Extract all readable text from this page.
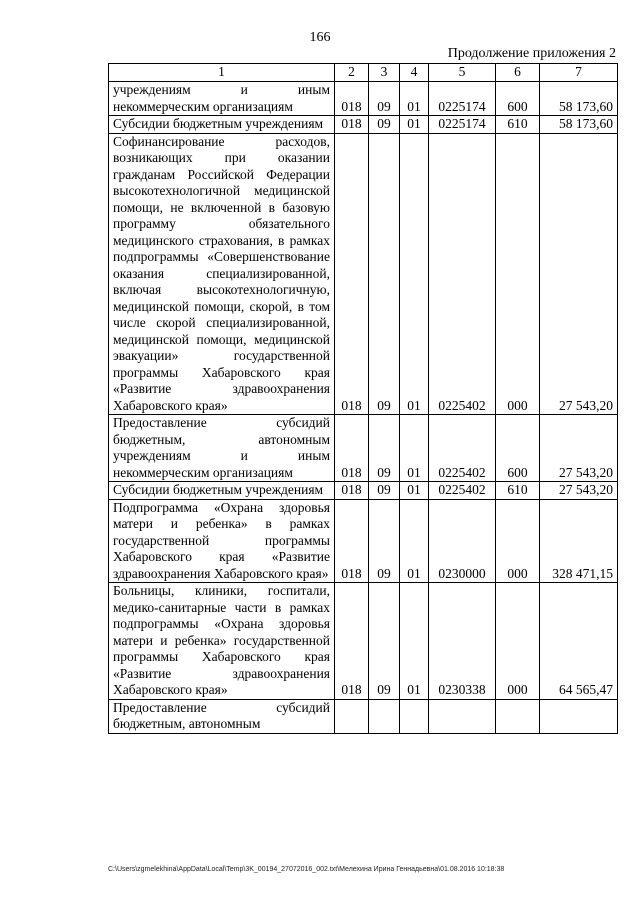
166
Продолжение приложения 2
1	2	3	4	5	6	7
учреждениям и иным некоммерческим организациям	018	09	01	0225174	600	58 173,60
Субсидии бюджетным учреждениям	018	09	01	0225174	610	58 173,60
Софинансирование расходов, возникающих при оказании гражданам Российской Федерации высокотехнологичной медицинской помощи, не включенной в базовую программу обязательного медицинского страхования, в рамках подпрограммы «Совершенствование оказания специализированной, включая высокотехнологичную, медицинской помощи, скорой, в том числе скорой специализированной, медицинской помощи, медицинской эвакуации» государственной программы Хабаровского края «Развитие здравоохранения Хабаровского края»	018	09	01	0225402	000	27 543,20
Предоставление субсидий бюджетным, автономным учреждениям и иным некоммерческим организациям	018	09	01	0225402	600	27 543,20
Субсидии бюджетным учреждениям	018	09	01	0225402	610	27 543,20
Подпрограмма «Охрана здоровья матери и ребенка» в рамках государственной программы Хабаровского края «Развитие здравоохранения Хабаровского края»	018	09	01	0230000	000	328 471,15
Больницы, клиники, госпитали, медико-санитарные части в рамках подпрограммы «Охрана здоровья матери и ребенка» государственной программы Хабаровского края «Развитие здравоохранения Хабаровского края»	018	09	01	0230338	000	64 565,47
Предоставление субсидий бюджетным, автономным						
C:\Users\zgmelekhina\AppData\Local\Temp\3K_00194_27072016_002.txt\Мелехина Ирина Геннадьевна\01.08.2016 10:18:38
